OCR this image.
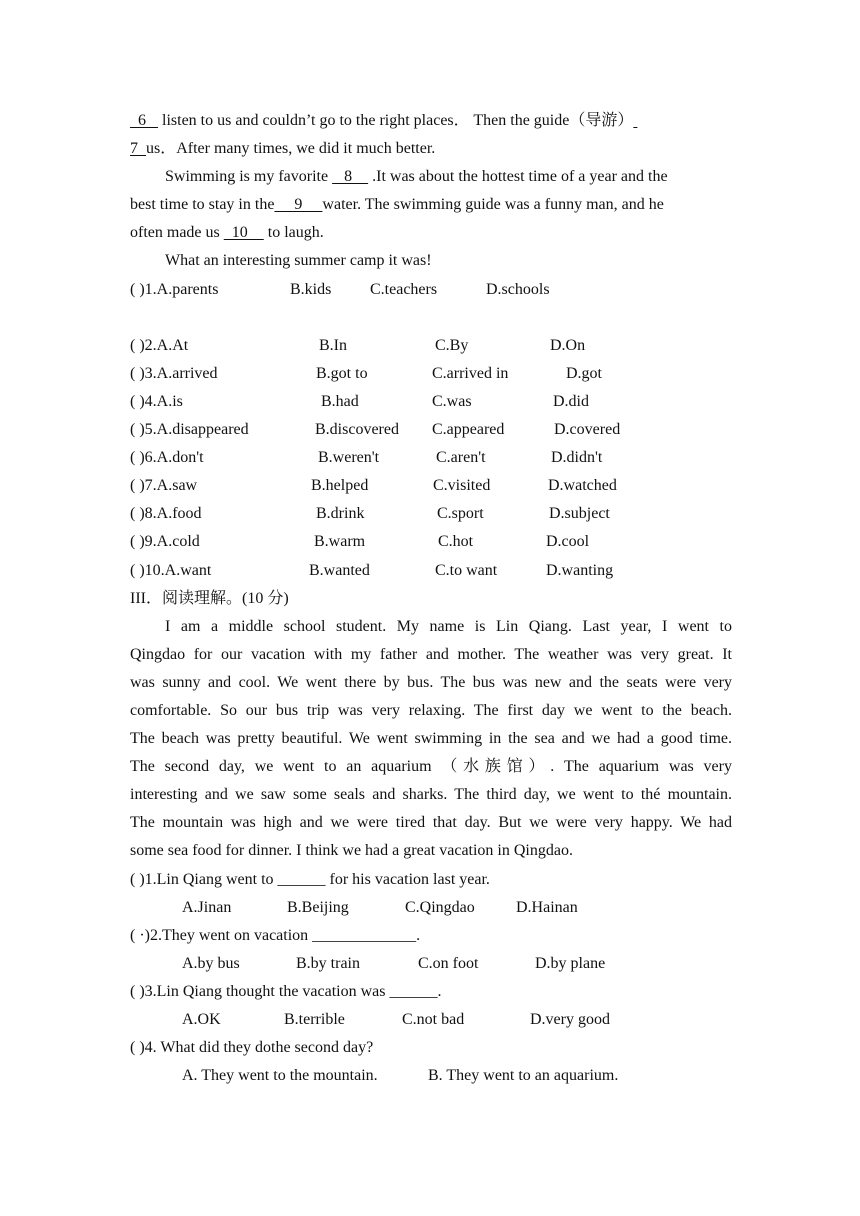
6    listen to us and couldn’t go to the right places． Then the guide（导游）
7  us．After many times, we did it much better.
Swimming is my favorite    8     .It was about the hottest time of a year and the
best time to stay in the     9     water. The swimming guide was a funny man, and he
often made us   10     to laugh.
What an interesting summer camp it was!
( )1.A.parents	B.kids C.teachers	D.schools
( )2.A.At	B.In	C.By	D.On
( )3.A.arrived	B.got to	C.arrived in	D.got
( )4.A.is	B.had	C.was	D.did
( )5.A.disappeared	B.discovered C.appeared	D.covered
( )6.A.don't	B.weren't	C.aren't	D.didn't
( )7.A.saw	B.helped	C.visited	D.watched
( )8.A.food	B.drink	C.sport	D.subject
( )9.A.cold	B.warm	C.hot	D.cool
( )10.A.want	B.wanted	C.to want	D.wanting
III．阅读理解。(10 分)
I am a middle school student. My name is Lin Qiang. Last year, I went to
Qingdao for our vacation with my father and mother. The weather was very great. It
was sunny and cool. We went there by bus. The bus was new and the seats were very
comfortable. So our bus trip was very relaxing. The first day we went to the beach.
The beach was pretty beautiful. We went swimming in the sea and we had a good time.
The second day, we went to an aquarium （水族馆）. The aquarium was very
interesting and we saw some seals and sharks. The third day, we went to thé mountain.
The mountain was high and we were tired that day. But we were very happy. We had
some sea food for dinner. I think we had a great vacation in Qingdao.
( )1.Lin Qiang went to ______ for his vacation last year.
A.Jinan	B.Beijing	C.Qingdao	D.Hainan
( ·)2.They went on vacation _____________.
A.by bus	B.by train	C.on foot	D.by plane
( )3.Lin Qiang thought the vacation was ______.
A.OK	B.terrible	C.not bad	D.very good
( )4. What did they dothe second day?
A. They went to the mountain.	B. They went to an aquarium.
